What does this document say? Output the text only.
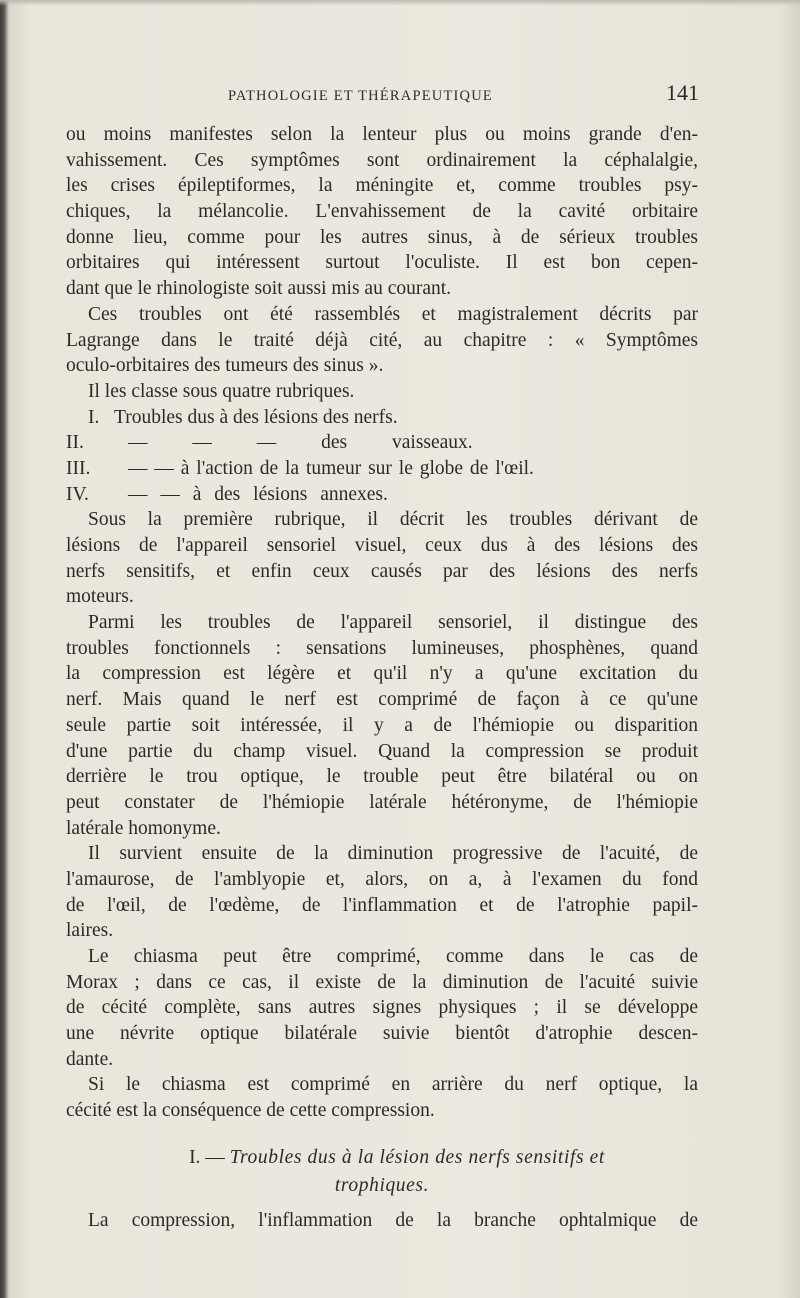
PATHOLOGIE ET THÉRAPEUTIQUE	141
ou moins manifestes selon la lenteur plus ou moins grande d'en-
vahissement. Ces symptômes sont ordinairement la céphalalgie,
les crises épileptiformes, la méningite et, comme troubles psy-
chiques, la mélancolie. L'envahissement de la cavité orbitaire
donne lieu, comme pour les autres sinus, à de sérieux troubles
orbitaires qui intéressent surtout l'oculiste. Il est bon cepen-
dant que le rhinologiste soit aussi mis au courant.
Ces troubles ont été rassemblés et magistralement décrits par
Lagrange dans le traité déjà cité, au chapitre : « Symptômes
oculo-orbitaires des tumeurs des sinus ».
Il les classe sous quatre rubriques.
I. Troubles dus à des lésions des nerfs.
II.	— — — des vaisseaux.
III.	— — à l'action de la tumeur sur le globe de l'œil.
IV.	— — à des lésions annexes.
Sous la première rubrique, il décrit les troubles dérivant de
lésions de l'appareil sensoriel visuel, ceux dus à des lésions des
nerfs sensitifs, et enfin ceux causés par des lésions des nerfs
moteurs.
Parmi les troubles de l'appareil sensoriel, il distingue des
troubles fonctionnels : sensations lumineuses, phosphènes, quand
la compression est légère et qu'il n'y a qu'une excitation du
nerf. Mais quand le nerf est comprimé de façon à ce qu'une
seule partie soit intéressée, il y a de l'hémiopie ou disparition
d'une partie du champ visuel. Quand la compression se produit
derrière le trou optique, le trouble peut être bilatéral ou on
peut constater de l'hémiopie latérale hétéronyme, de l'hémiopie
latérale homonyme.
Il survient ensuite de la diminution progressive de l'acuité, de
l'amaurose, de l'amblyopie et, alors, on a, à l'examen du fond
de l'œil, de l'œdème, de l'inflammation et de l'atrophie papil-
laires.
Le chiasma peut être comprimé, comme dans le cas de
Morax ; dans ce cas, il existe de la diminution de l'acuité suivie
de cécité complète, sans autres signes physiques ; il se développe
une névrite optique bilatérale suivie bientôt d'atrophie descen-
dante.
Si le chiasma est comprimé en arrière du nerf optique, la
cécité est la conséquence de cette compression.
I. — Troubles dus à la lésion des nerfs sensitifs et
trophiques.
La compression, l'inflammation de la branche ophtalmique de
